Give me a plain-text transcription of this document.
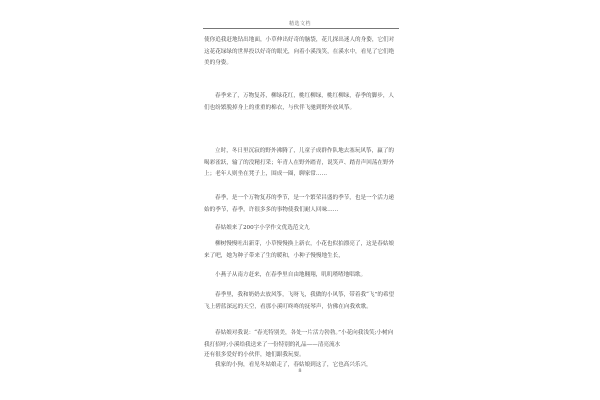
精选文档
使你追我赶地钻出地面，小草伸出好奇的脑袋，花儿探出迷人的身姿，它们对这花花绿绿的世界投以好奇的眼光，向着小溪浅笑，在溪水中，看见了它们绝美的身姿。
春季来了，万物复苏，柳绿花红，桃红柳绿，桃红柳绿，春季的脚步，人们也纷繁脱掉身上的重重的棉衣，与伙伴飞驰到野外放风筝。
立时，冬日里沉寂的野外沸腾了，儿童子成群作队地去塞玩风筝，赢了的喝彩雀跃，输了的没精打采；年青人在野外踏青，说笑声、踏青声回荡在野外上；老年人则坐在凳子上，围成一圈，聊家常……
春季，是一个万物复苏的季节，是一个繁荣昌盛的季节，也是一个活力递始的季节，春季，许很多多的事物使我们耐人回味……
春姑娘来了200字小学作文优选范文九
柳树慢慢吐出新芽，小草慢慢换上新衣，小花也似拍漂亮了，这是春姑娘来了吧，她为种子带来了生的暖和，小种子慢慢地生长，
小燕子从南方赶来，在春季里自由地翱翔，叽叽喳喳地唱歌。
春季里，我和奶奶去放风筝，飞呀飞，我做的小风筝，带着我“飞”的希望飞上碧蓝深远的天空，看那小溪叮咚咚的抚琴声，仿佛在向我欢歌。
春姑娘对我说：“春光特别美，各处一片活力勃勃。”小花向我浅笑;小树向我打招呼;小溪给我送来了一份特别的礼品——清亮流水
还有很多爱好的小伙伴，她们跟我玩耍。
8
我家的小狗，看见冬姑娘走了，春姑娘到这了，它也高兴乐兴，
